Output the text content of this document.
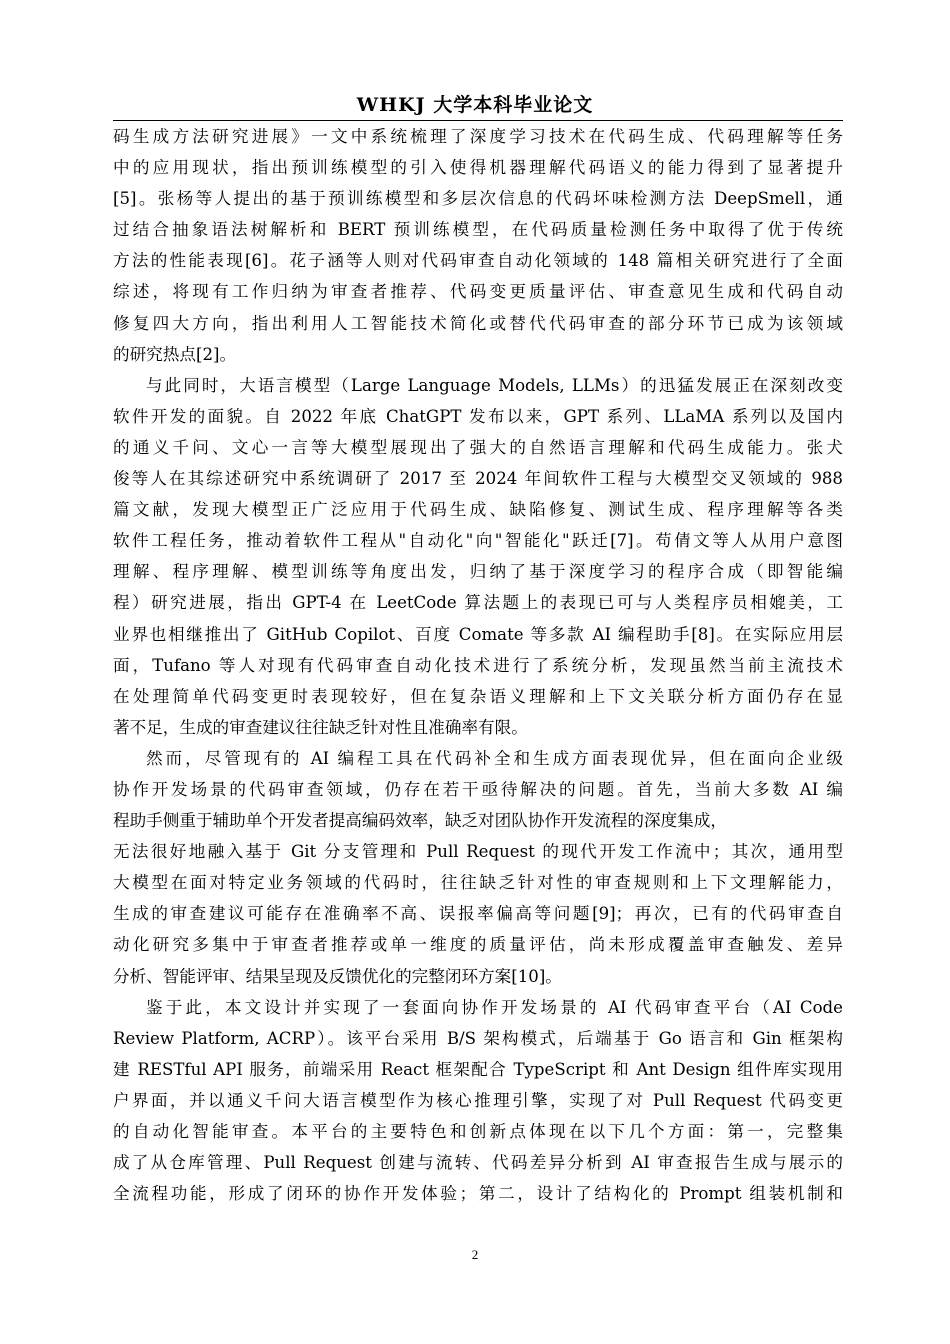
WHKJ 大学本科毕业论文
码生成方法研究进展》一文中系统梳理了深度学习技术在代码生成、代码理解等任务
中的应用现状，指出预训练模型的引入使得机器理解代码语义的能力得到了显著提升
[5]。张杨等人提出的基于预训练模型和多层次信息的代码坏味检测方法 DeepSmell，通
过结合抽象语法树解析和 BERT 预训练模型，在代码质量检测任务中取得了优于传统
方法的性能表现[6]。花子涵等人则对代码审查自动化领域的 148 篇相关研究进行了全面
综述，将现有工作归纳为审查者推荐、代码变更质量评估、审查意见生成和代码自动
修复四大方向，指出利用人工智能技术简化或替代代码审查的部分环节已成为该领域
的研究热点[2]。
与此同时，大语言模型（Large Language Models, LLMs）的迅猛发展正在深刻改变
软件开发的面貌。自 2022 年底 ChatGPT 发布以来，GPT 系列、LLaMA 系列以及国内
的通义千问、文心一言等大模型展现出了强大的自然语言理解和代码生成能力。张犬
俊等人在其综述研究中系统调研了 2017 至 2024 年间软件工程与大模型交叉领域的 988
篇文献，发现大模型正广泛应用于代码生成、缺陷修复、测试生成、程序理解等各类
软件工程任务，推动着软件工程从"自动化"向"智能化"跃迁[7]。苟倩文等人从用户意图
理解、程序理解、模型训练等角度出发，归纳了基于深度学习的程序合成（即智能编
程）研究进展，指出 GPT-4 在 LeetCode 算法题上的表现已可与人类程序员相媲美，工
业界也相继推出了 GitHub Copilot、百度 Comate 等多款 AI 编程助手[8]。在实际应用层
面，Tufano 等人对现有代码审查自动化技术进行了系统分析，发现虽然当前主流技术
在处理简单代码变更时表现较好，但在复杂语义理解和上下文关联分析方面仍存在显
著不足，生成的审查建议往往缺乏针对性且准确率有限。
然而，尽管现有的 AI 编程工具在代码补全和生成方面表现优异，但在面向企业级
协作开发场景的代码审查领域，仍存在若干亟待解决的问题。首先，当前大多数 AI 编
程助手侧重于辅助单个开发者提高编码效率，缺乏对团队协作开发流程的深度集成，
无法很好地融入基于 Git 分支管理和 Pull Request 的现代开发工作流中；其次，通用型
大模型在面对特定业务领域的代码时，往往缺乏针对性的审查规则和上下文理解能力，
生成的审查建议可能存在准确率不高、误报率偏高等问题[9]；再次，已有的代码审查自
动化研究多集中于审查者推荐或单一维度的质量评估，尚未形成覆盖审查触发、差异
分析、智能评审、结果呈现及反馈优化的完整闭环方案[10]。
鉴于此，本文设计并实现了一套面向协作开发场景的 AI 代码审查平台（AI Code
Review Platform, ACRP）。该平台采用 B/S 架构模式，后端基于 Go 语言和 Gin 框架构
建 RESTful API 服务，前端采用 React 框架配合 TypeScript 和 Ant Design 组件库实现用
户界面，并以通义千问大语言模型作为核心推理引擎，实现了对 Pull Request 代码变更
的自动化智能审查。本平台的主要特色和创新点体现在以下几个方面：第一，完整集
成了从仓库管理、Pull Request 创建与流转、代码差异分析到 AI 审查报告生成与展示的
全流程功能，形成了闭环的协作开发体验；第二，设计了结构化的 Prompt 组装机制和
2
